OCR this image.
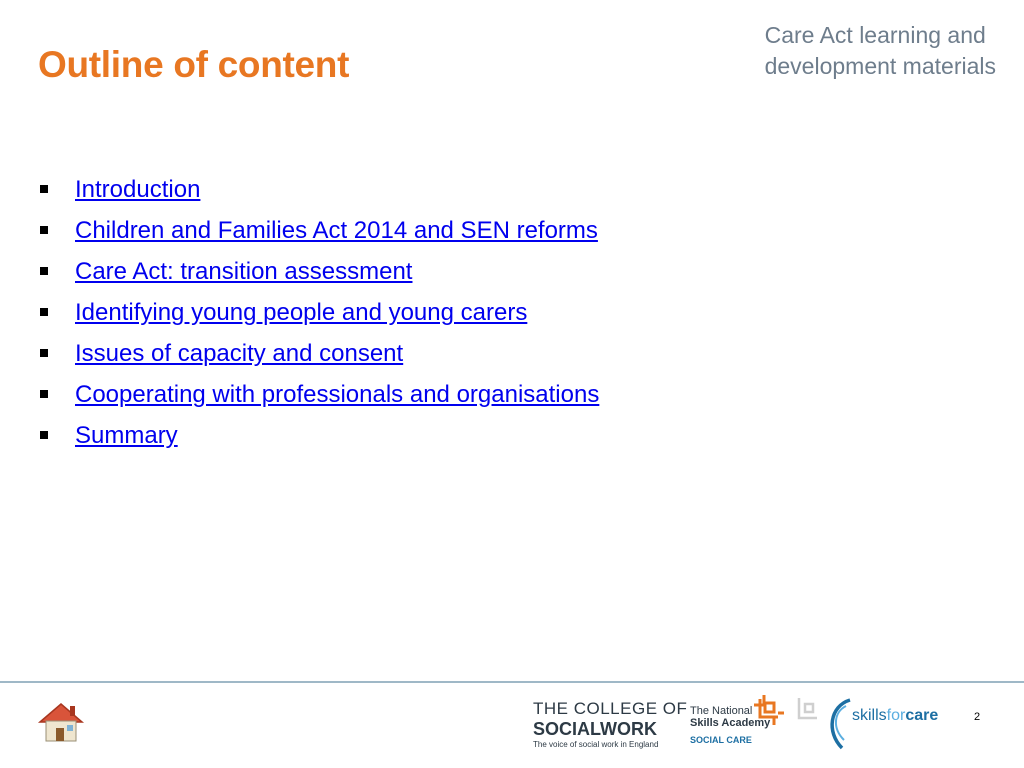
Outline of content
Care Act learning and
development materials
Introduction
Children and Families Act 2014 and SEN reforms
Care Act: transition assessment
Identifying young people and young carers
Issues of capacity and consent
Cooperating with professionals and organisations
Summary
THE COLLEGE OF
SOCIALWORK
The voice of social work in England
The National
Skills Academy
SOCIAL CARE
skillsforcare	2
